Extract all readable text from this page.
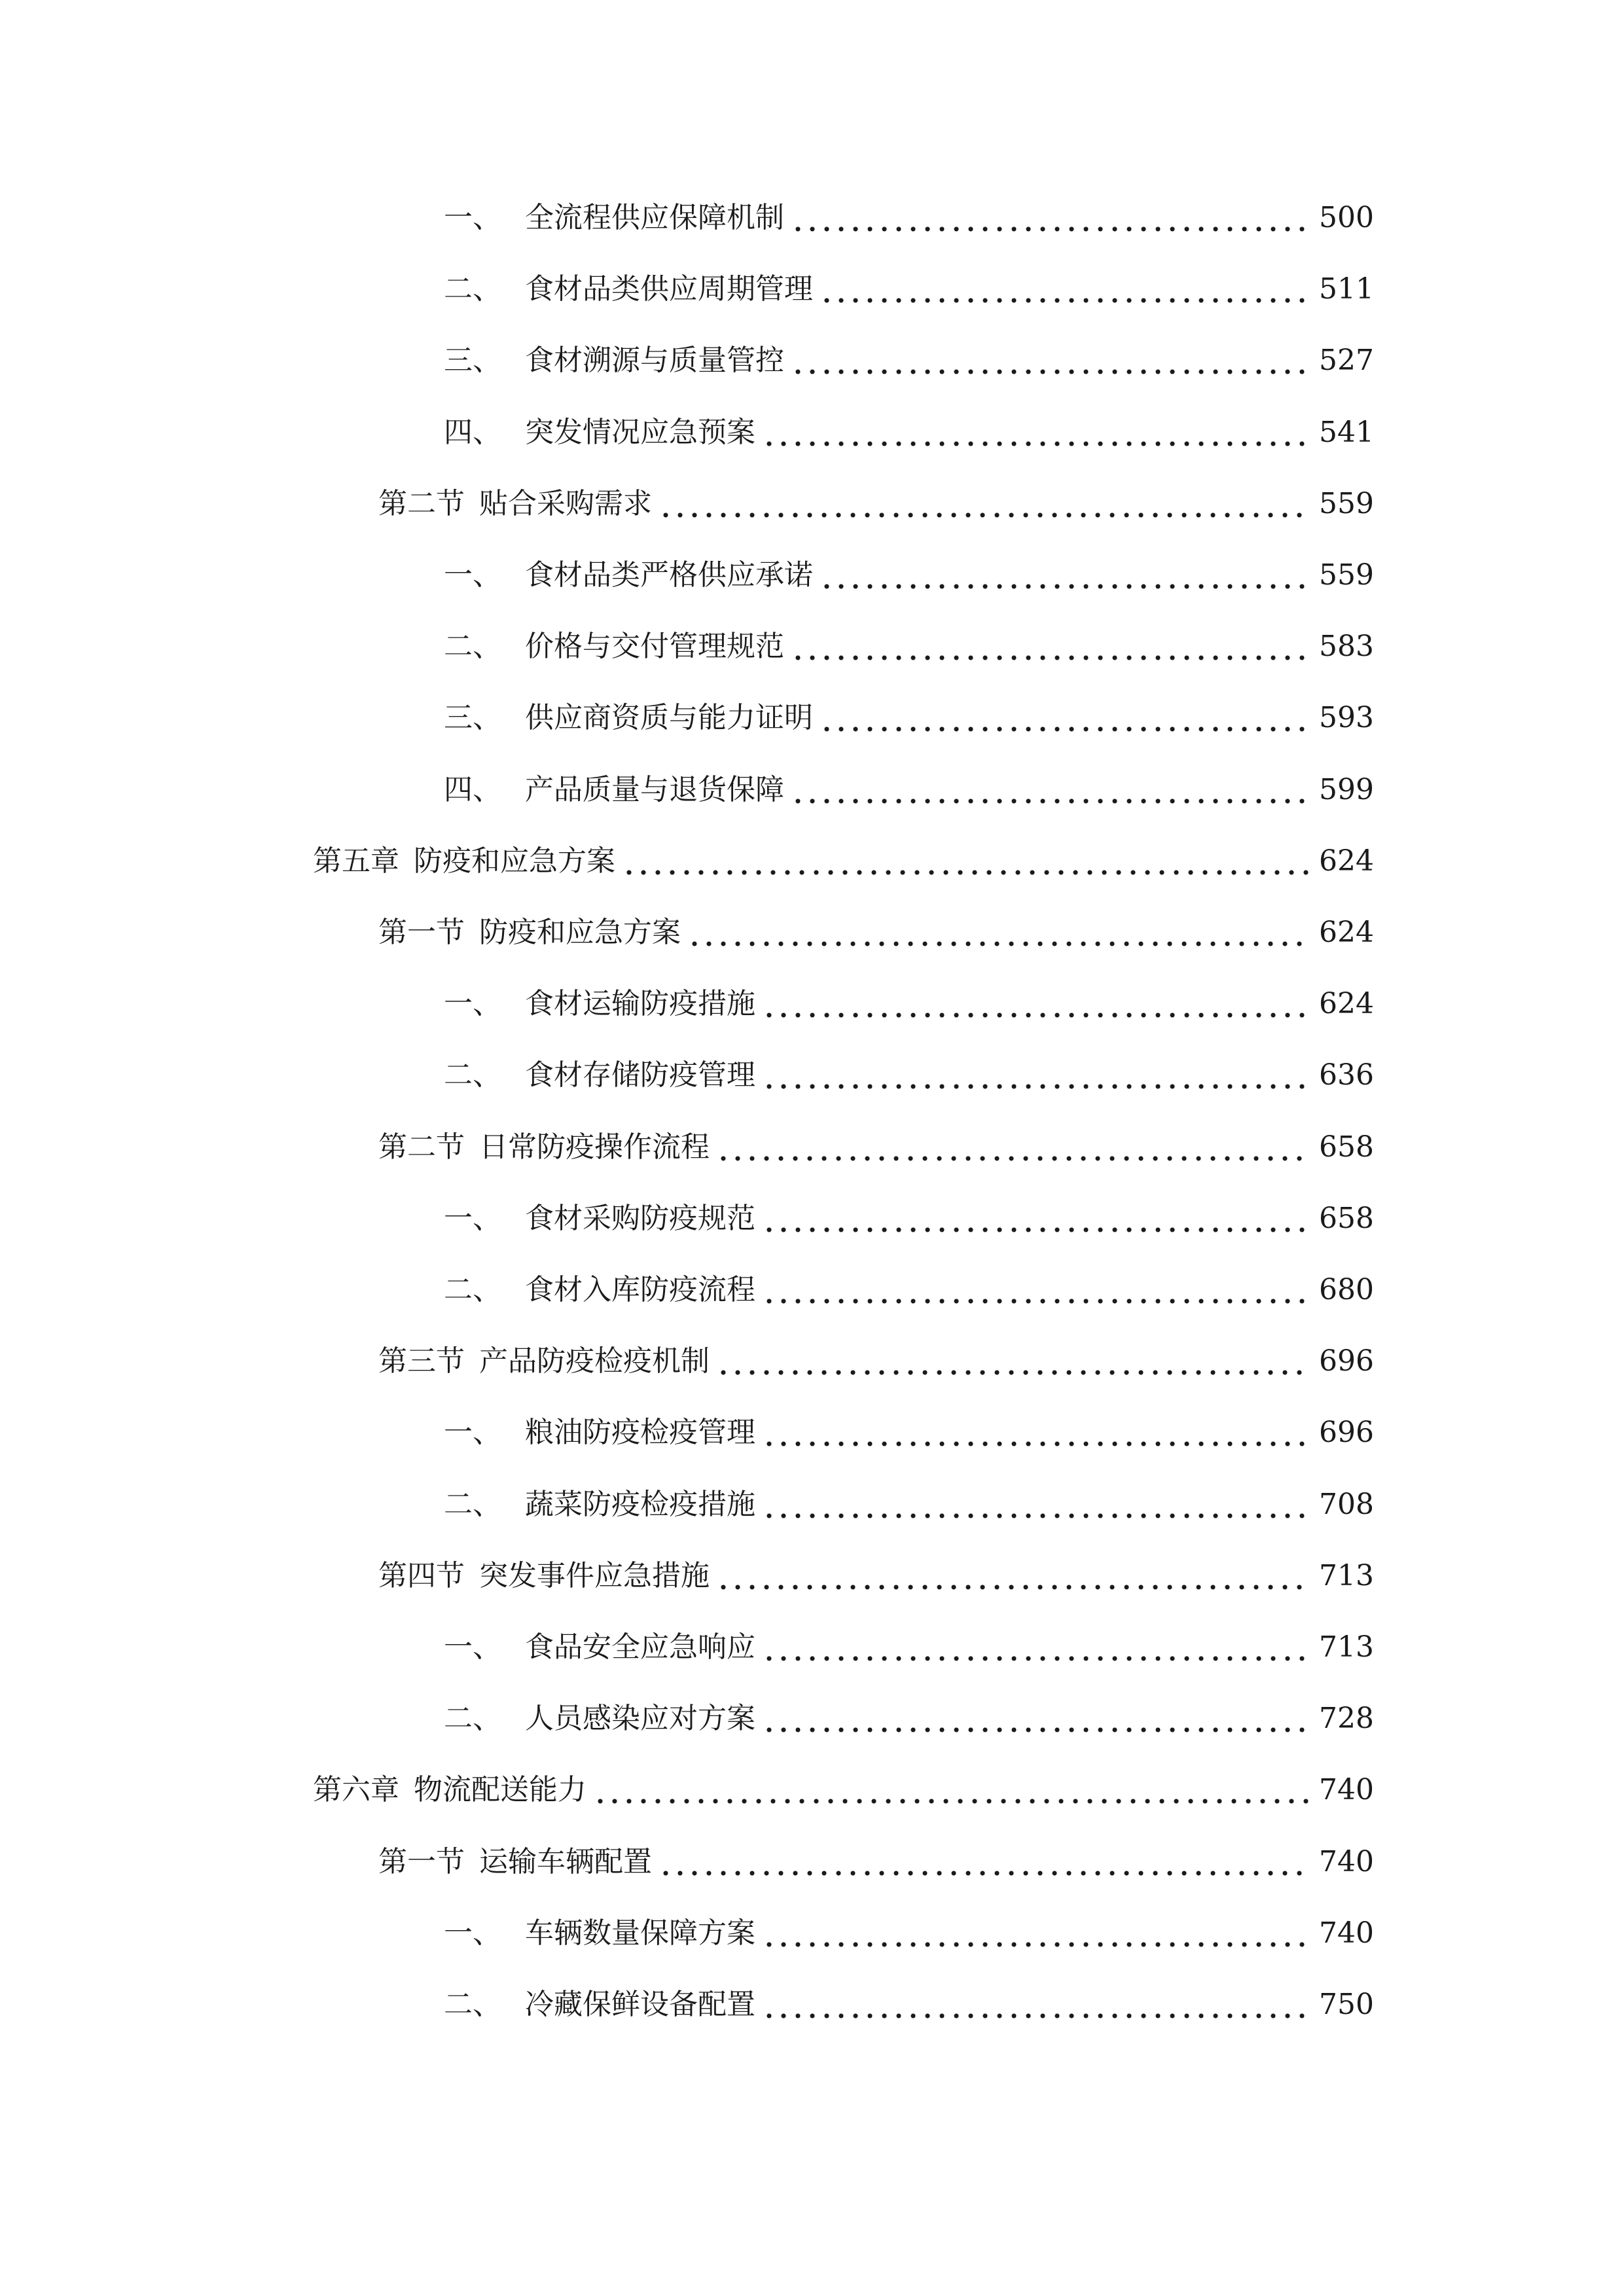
一、 全流程供应保障机制	500
二、 食材品类供应周期管理	511
三、 食材溯源与质量管控	527
四、 突发情况应急预案	541
第二节 贴合采购需求	559
一、 食材品类严格供应承诺	559
二、 价格与交付管理规范	583
三、 供应商资质与能力证明	593
四、 产品质量与退货保障	599
第五章 防疫和应急方案	624
第一节 防疫和应急方案	624
一、 食材运输防疫措施	624
二、 食材存储防疫管理	636
第二节 日常防疫操作流程	658
一、 食材采购防疫规范	658
二、 食材入库防疫流程	680
第三节 产品防疫检疫机制	696
一、 粮油防疫检疫管理	696
二、 蔬菜防疫检疫措施	708
第四节 突发事件应急措施	713
一、 食品安全应急响应	713
二、 人员感染应对方案	728
第六章 物流配送能力	740
第一节 运输车辆配置	740
一、 车辆数量保障方案	740
二、 冷藏保鲜设备配置	750
